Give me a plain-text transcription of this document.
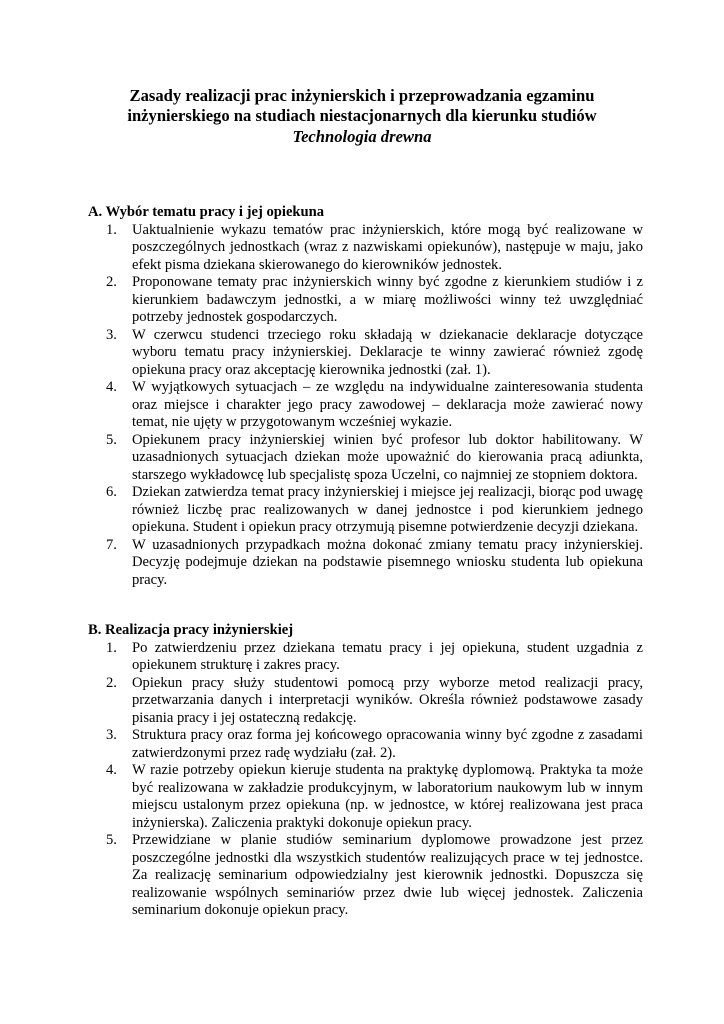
Zasady realizacji prac inżynierskich i przeprowadzania egzaminu
inżynierskiego na studiach niestacjonarnych dla kierunku studiów
Technologia drewna

A. Wybór tematu pracy i jej opiekuna

1. Uaktualnienie wykazu tematów prac inżynierskich, które mogą być realizowane w poszczególnych jednostkach (wraz z nazwiskami opiekunów), następuje w maju, jako efekt pisma dziekana skierowanego do kierowników jednostek.
2. Proponowane tematy prac inżynierskich winny być zgodne z kierunkiem studiów i z kierunkiem badawczym jednostki, a w miarę możliwości winny też uwzględniać potrzeby jednostek gospodarczych.
3. W czerwcu studenci trzeciego roku składają w dziekanacie deklaracje dotyczące wyboru tematu pracy inżynierskiej. Deklaracje te winny zawierać również zgodę opiekuna pracy oraz akceptację kierownika jednostki (zał. 1).
4. W wyjątkowych sytuacjach – ze względu na indywidualne zainteresowania studenta oraz miejsce i charakter jego pracy zawodowej – deklaracja może zawierać nowy temat, nie ujęty w przygotowanym wcześniej wykazie.
5. Opiekunem pracy inżynierskiej winien być profesor lub doktor habilitowany. W uzasadnionych sytuacjach dziekan może upoważnić do kierowania pracą adiunkta, starszego wykładowcę lub specjalistę spoza Uczelni, co najmniej ze stopniem doktora.
6. Dziekan zatwierdza temat pracy inżynierskiej i miejsce jej realizacji, biorąc pod uwagę również liczbę prac realizowanych w danej jednostce i pod kierunkiem jednego opiekuna. Student i opiekun pracy otrzymują pisemne potwierdzenie decyzji dziekana.
7. W uzasadnionych przypadkach można dokonać zmiany tematu pracy inżynierskiej. Decyzję podejmuje dziekan na podstawie pisemnego wniosku studenta lub opiekuna pracy.

B. Realizacja pracy inżynierskiej

1. Po zatwierdzeniu przez dziekana tematu pracy i jej opiekuna, student uzgadnia z opiekunem strukturę i zakres pracy.
2. Opiekun pracy służy studentowi pomocą przy wyborze metod realizacji pracy, przetwarzania danych i interpretacji wyników. Określa również podstawowe zasady pisania pracy i jej ostateczną redakcję.
3. Struktura pracy oraz forma jej końcowego opracowania winny być zgodne z zasadami zatwierdzonymi przez radę wydziału (zał. 2).
4. W razie potrzeby opiekun kieruje studenta na praktykę dyplomową. Praktyka ta może być realizowana w zakładzie produkcyjnym, w laboratorium naukowym lub w innym miejscu ustalonym przez opiekuna (np. w jednostce, w której realizowana jest praca inżynierska). Zaliczenia praktyki dokonuje opiekun pracy.
5. Przewidziane w planie studiów seminarium dyplomowe prowadzone jest przez poszczególne jednostki dla wszystkich studentów realizujących prace w tej jednostce. Za realizację seminarium odpowiedzialny jest kierownik jednostki. Dopuszcza się realizowanie wspólnych seminariów przez dwie lub więcej jednostek. Zaliczenia seminarium dokonuje opiekun pracy.
